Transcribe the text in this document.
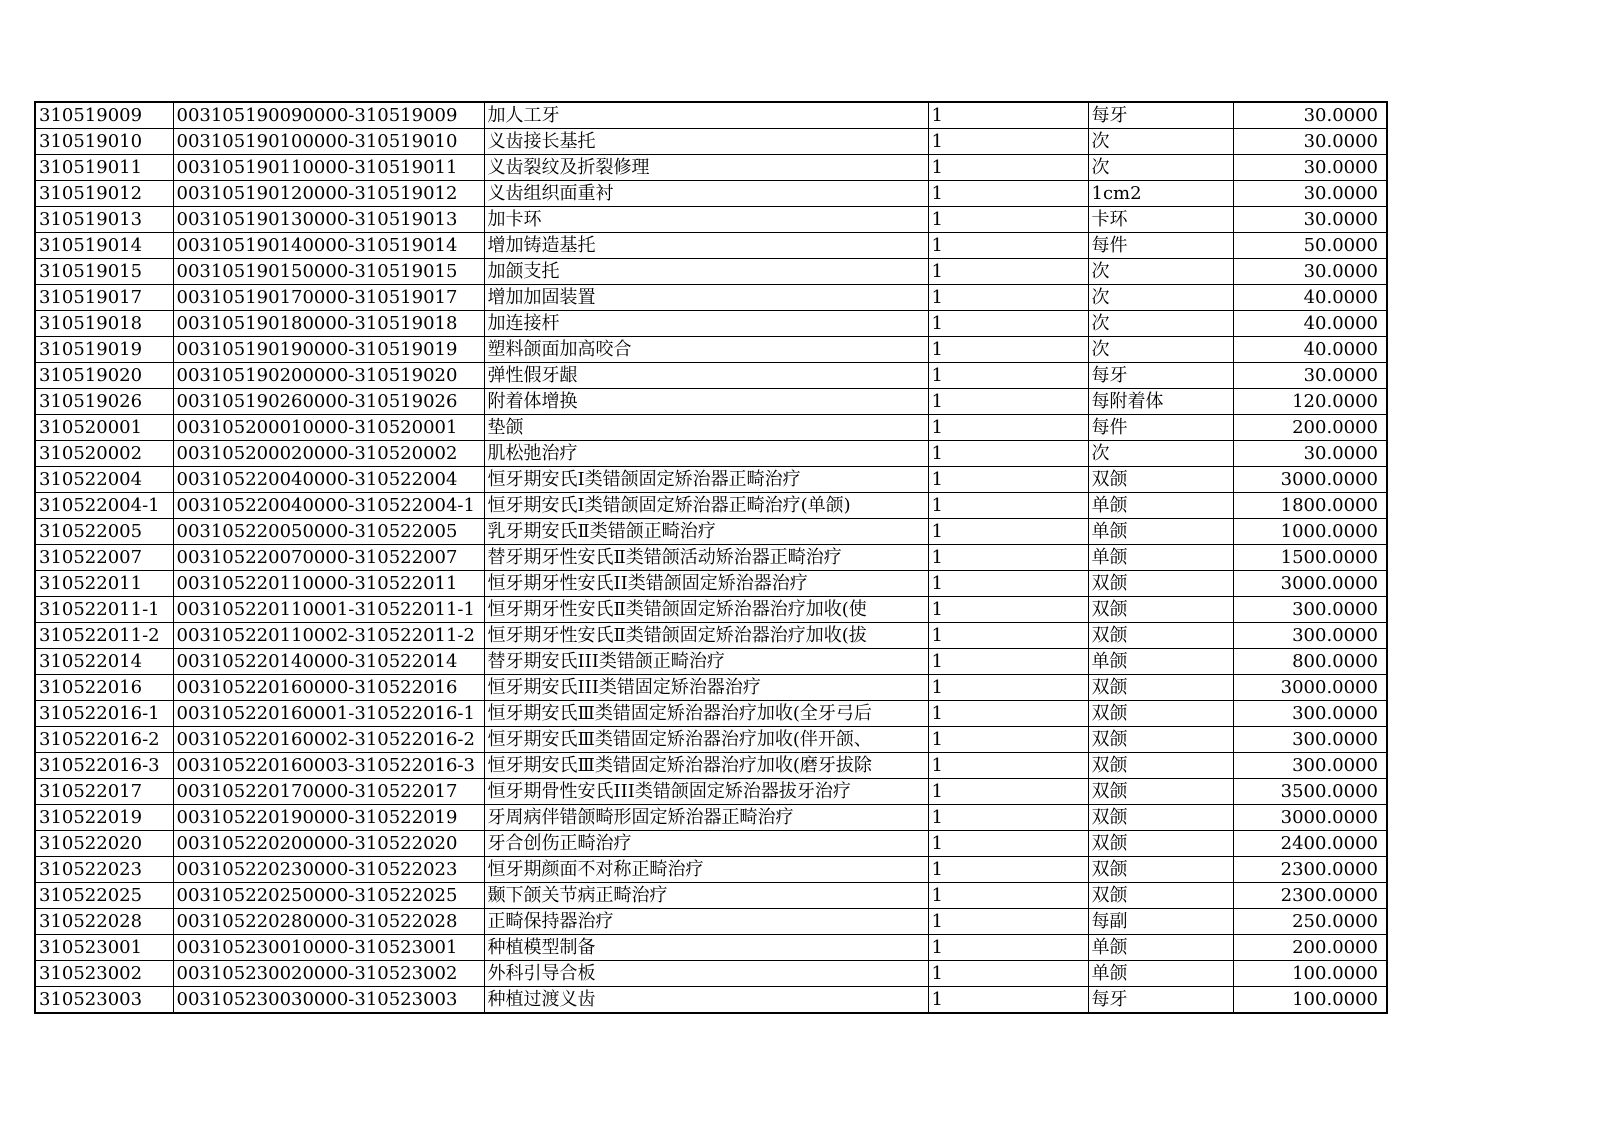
310519009	003105190090000-310519009	加人工牙	1	每牙	30.0000
310519010	003105190100000-310519010	义齿接长基托	1	次	30.0000
310519011	003105190110000-310519011	义齿裂纹及折裂修理	1	次	30.0000
310519012	003105190120000-310519012	义齿组织面重衬	1	1cm2	30.0000
310519013	003105190130000-310519013	加卡环	1	卡环	30.0000
310519014	003105190140000-310519014	增加铸造基托	1	每件	50.0000
310519015	003105190150000-310519015	加颌支托	1	次	30.0000
310519017	003105190170000-310519017	增加加固装置	1	次	40.0000
310519018	003105190180000-310519018	加连接杆	1	次	40.0000
310519019	003105190190000-310519019	塑料颌面加高咬合	1	次	40.0000
310519020	003105190200000-310519020	弹性假牙龈	1	每牙	30.0000
310519026	003105190260000-310519026	附着体增换	1	每附着体	120.0000
310520001	003105200010000-310520001	垫颌	1	每件	200.0000
310520002	003105200020000-310520002	肌松弛治疗	1	次	30.0000
310522004	003105220040000-310522004	恒牙期安氏I类错颌固定矫治器正畸治疗	1	双颌	3000.0000
310522004-1	003105220040000-310522004-1	恒牙期安氏I类错颌固定矫治器正畸治疗(单颌)	1	单颌	1800.0000
310522005	003105220050000-310522005	乳牙期安氏Ⅱ类错颌正畸治疗	1	单颌	1000.0000
310522007	003105220070000-310522007	替牙期牙性安氏Ⅱ类错颌活动矫治器正畸治疗	1	单颌	1500.0000
310522011	003105220110000-310522011	恒牙期牙性安氏II类错颌固定矫治器治疗	1	双颌	3000.0000
310522011-1	003105220110001-310522011-1	恒牙期牙性安氏Ⅱ类错颌固定矫治器治疗加收(使	1	双颌	300.0000
310522011-2	003105220110002-310522011-2	恒牙期牙性安氏Ⅱ类错颌固定矫治器治疗加收(拔	1	双颌	300.0000
310522014	003105220140000-310522014	替牙期安氏III类错颌正畸治疗	1	单颌	800.0000
310522016	003105220160000-310522016	恒牙期安氏III类错固定矫治器治疗	1	双颌	3000.0000
310522016-1	003105220160001-310522016-1	恒牙期安氏Ⅲ类错固定矫治器治疗加收(全牙弓后	1	双颌	300.0000
310522016-2	003105220160002-310522016-2	恒牙期安氏Ⅲ类错固定矫治器治疗加收(伴开颌、	1	双颌	300.0000
310522016-3	003105220160003-310522016-3	恒牙期安氏Ⅲ类错固定矫治器治疗加收(磨牙拔除	1	双颌	300.0000
310522017	003105220170000-310522017	恒牙期骨性安氏III类错颌固定矫治器拔牙治疗	1	双颌	3500.0000
310522019	003105220190000-310522019	牙周病伴错颌畸形固定矫治器正畸治疗	1	双颌	3000.0000
310522020	003105220200000-310522020	牙合创伤正畸治疗	1	双颌	2400.0000
310522023	003105220230000-310522023	恒牙期颜面不对称正畸治疗	1	双颌	2300.0000
310522025	003105220250000-310522025	颞下颌关节病正畸治疗	1	双颌	2300.0000
310522028	003105220280000-310522028	正畸保持器治疗	1	每副	250.0000
310523001	003105230010000-310523001	种植模型制备	1	单颌	200.0000
310523002	003105230020000-310523002	外科引导合板	1	单颌	100.0000
310523003	003105230030000-310523003	种植过渡义齿	1	每牙	100.0000
